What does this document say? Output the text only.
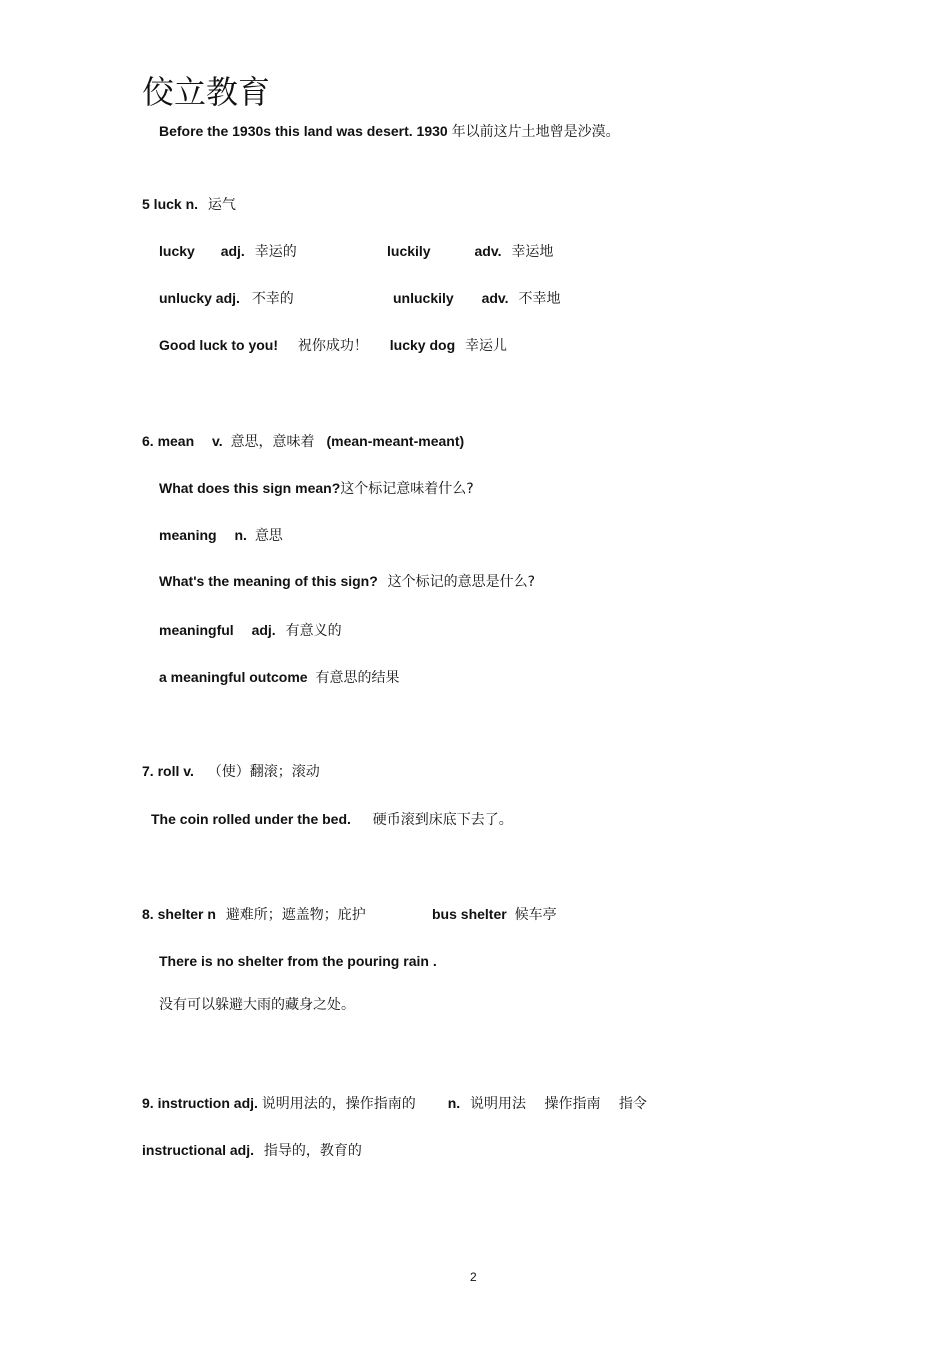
佼立教育
Before the 1930s this land was desert. 1930 年以前这片土地曾是沙漠。
5 luck n. 运气
lucky adj. 幸运的	luckily	adv. 幸运地
unlucky adj. 不幸的	unluckily adv. 不幸地
Good luck to you! 祝你成功！ lucky dog 幸运儿
6. mean v. 意思，意味着 (mean-meant-meant)
What does this sign mean?这个标记意味着什么?
meaning n. 意思
What's the meaning of this sign? 这个标记的意思是什么?
meaningful adj. 有意义的
a meaningful outcome 有意思的结果
7. roll v. （使）翻滚；滚动
The coin rolled under the bed. 硬币滚到床底下去了。
8. shelter n 避难所；遮盖物；庇护	bus shelter 候车亭
There is no shelter from the pouring rain .
没有可以躲避大雨的藏身之处。
9. instruction adj. 说明用法的，操作指南的 n. 说明用法　 操作指南　 指令
instructional adj. 指导的，教育的
2
